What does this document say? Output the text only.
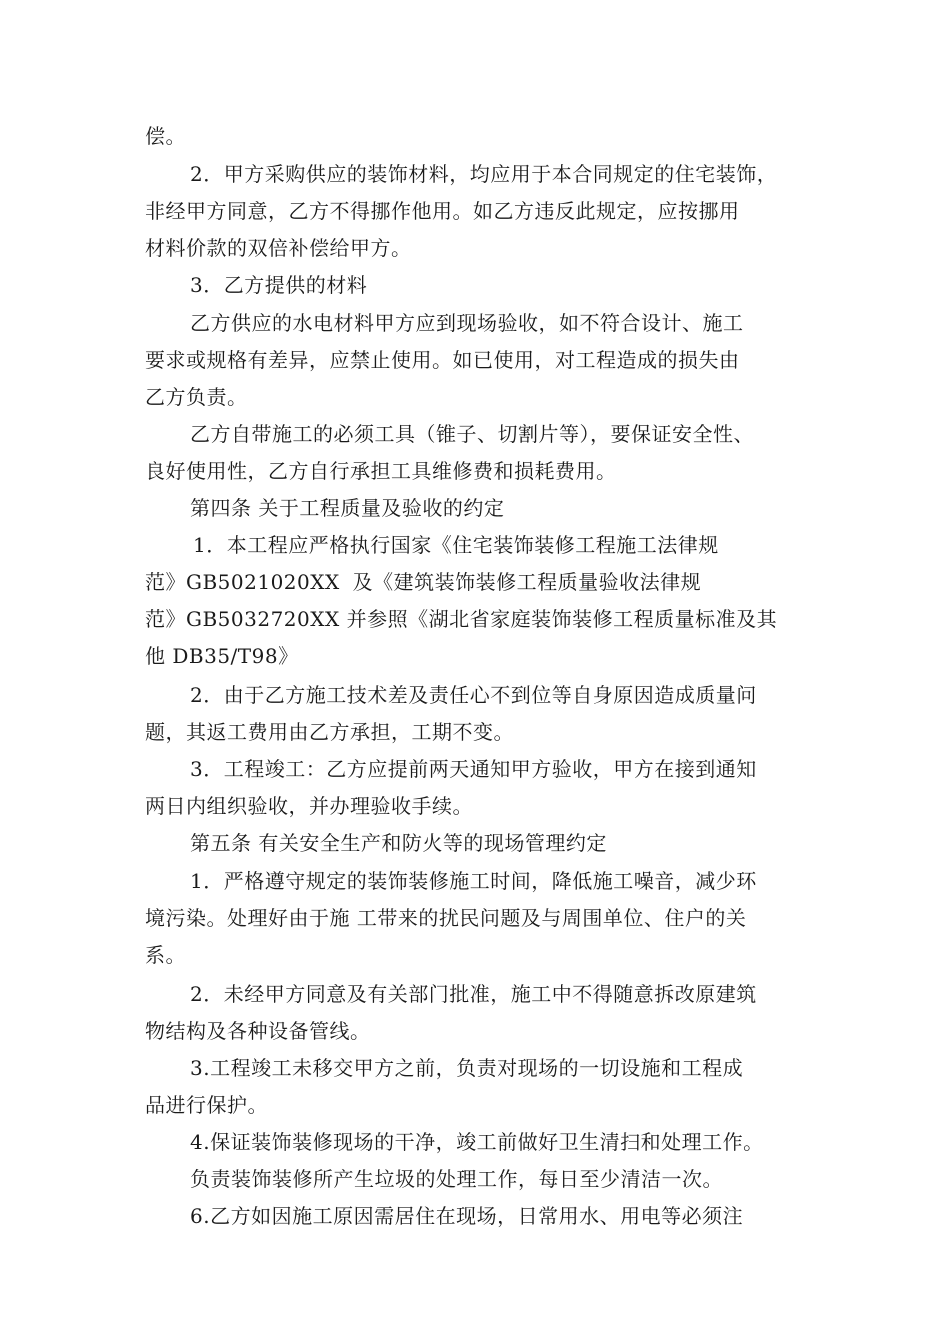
偿。
2．甲方采购供应的装饰材料，均应用于本合同规定的住宅装饰，
非经甲方同意，乙方不得挪作他用。如乙方违反此规定，应按挪用
材料价款的双倍补偿给甲方。
3．乙方提供的材料
乙方供应的水电材料甲方应到现场验收，如不符合设计、施工
要求或规格有差异，应禁止使用。如已使用，对工程造成的损失由
乙方负责。
乙方自带施工的必须工具（锥子、切割片等），要保证安全性、
良好使用性，乙方自行承担工具维修费和损耗费用。
第四条 关于工程质量及验收的约定
1．本工程应严格执行国家《住宅装饰装修工程施工法律规
范》GB5021020XX 及《建筑装饰装修工程质量验收法律规
范》GB5032720XX 并参照《湖北省家庭装饰装修工程质量标准及其
他 DB35/T98》
2．由于乙方施工技术差及责任心不到位等自身原因造成质量问
题，其返工费用由乙方承担，工期不变。
3．工程竣工：乙方应提前两天通知甲方验收，甲方在接到通知
两日内组织验收，并办理验收手续。
第五条 有关安全生产和防火等的现场管理约定
1．严格遵守规定的装饰装修施工时间，降低施工噪音，减少环
境污染。处理好由于施 工带来的扰民问题及与周围单位、住户的关
系。
2．未经甲方同意及有关部门批准，施工中不得随意拆改原建筑
物结构及各种设备管线。
3.工程竣工未移交甲方之前，负责对现场的一切设施和工程成
品进行保护。
4.保证装饰装修现场的干净，竣工前做好卫生清扫和处理工作。
负责装饰装修所产生垃圾的处理工作，每日至少清洁一次。
6.乙方如因施工原因需居住在现场，日常用水、用电等必须注
